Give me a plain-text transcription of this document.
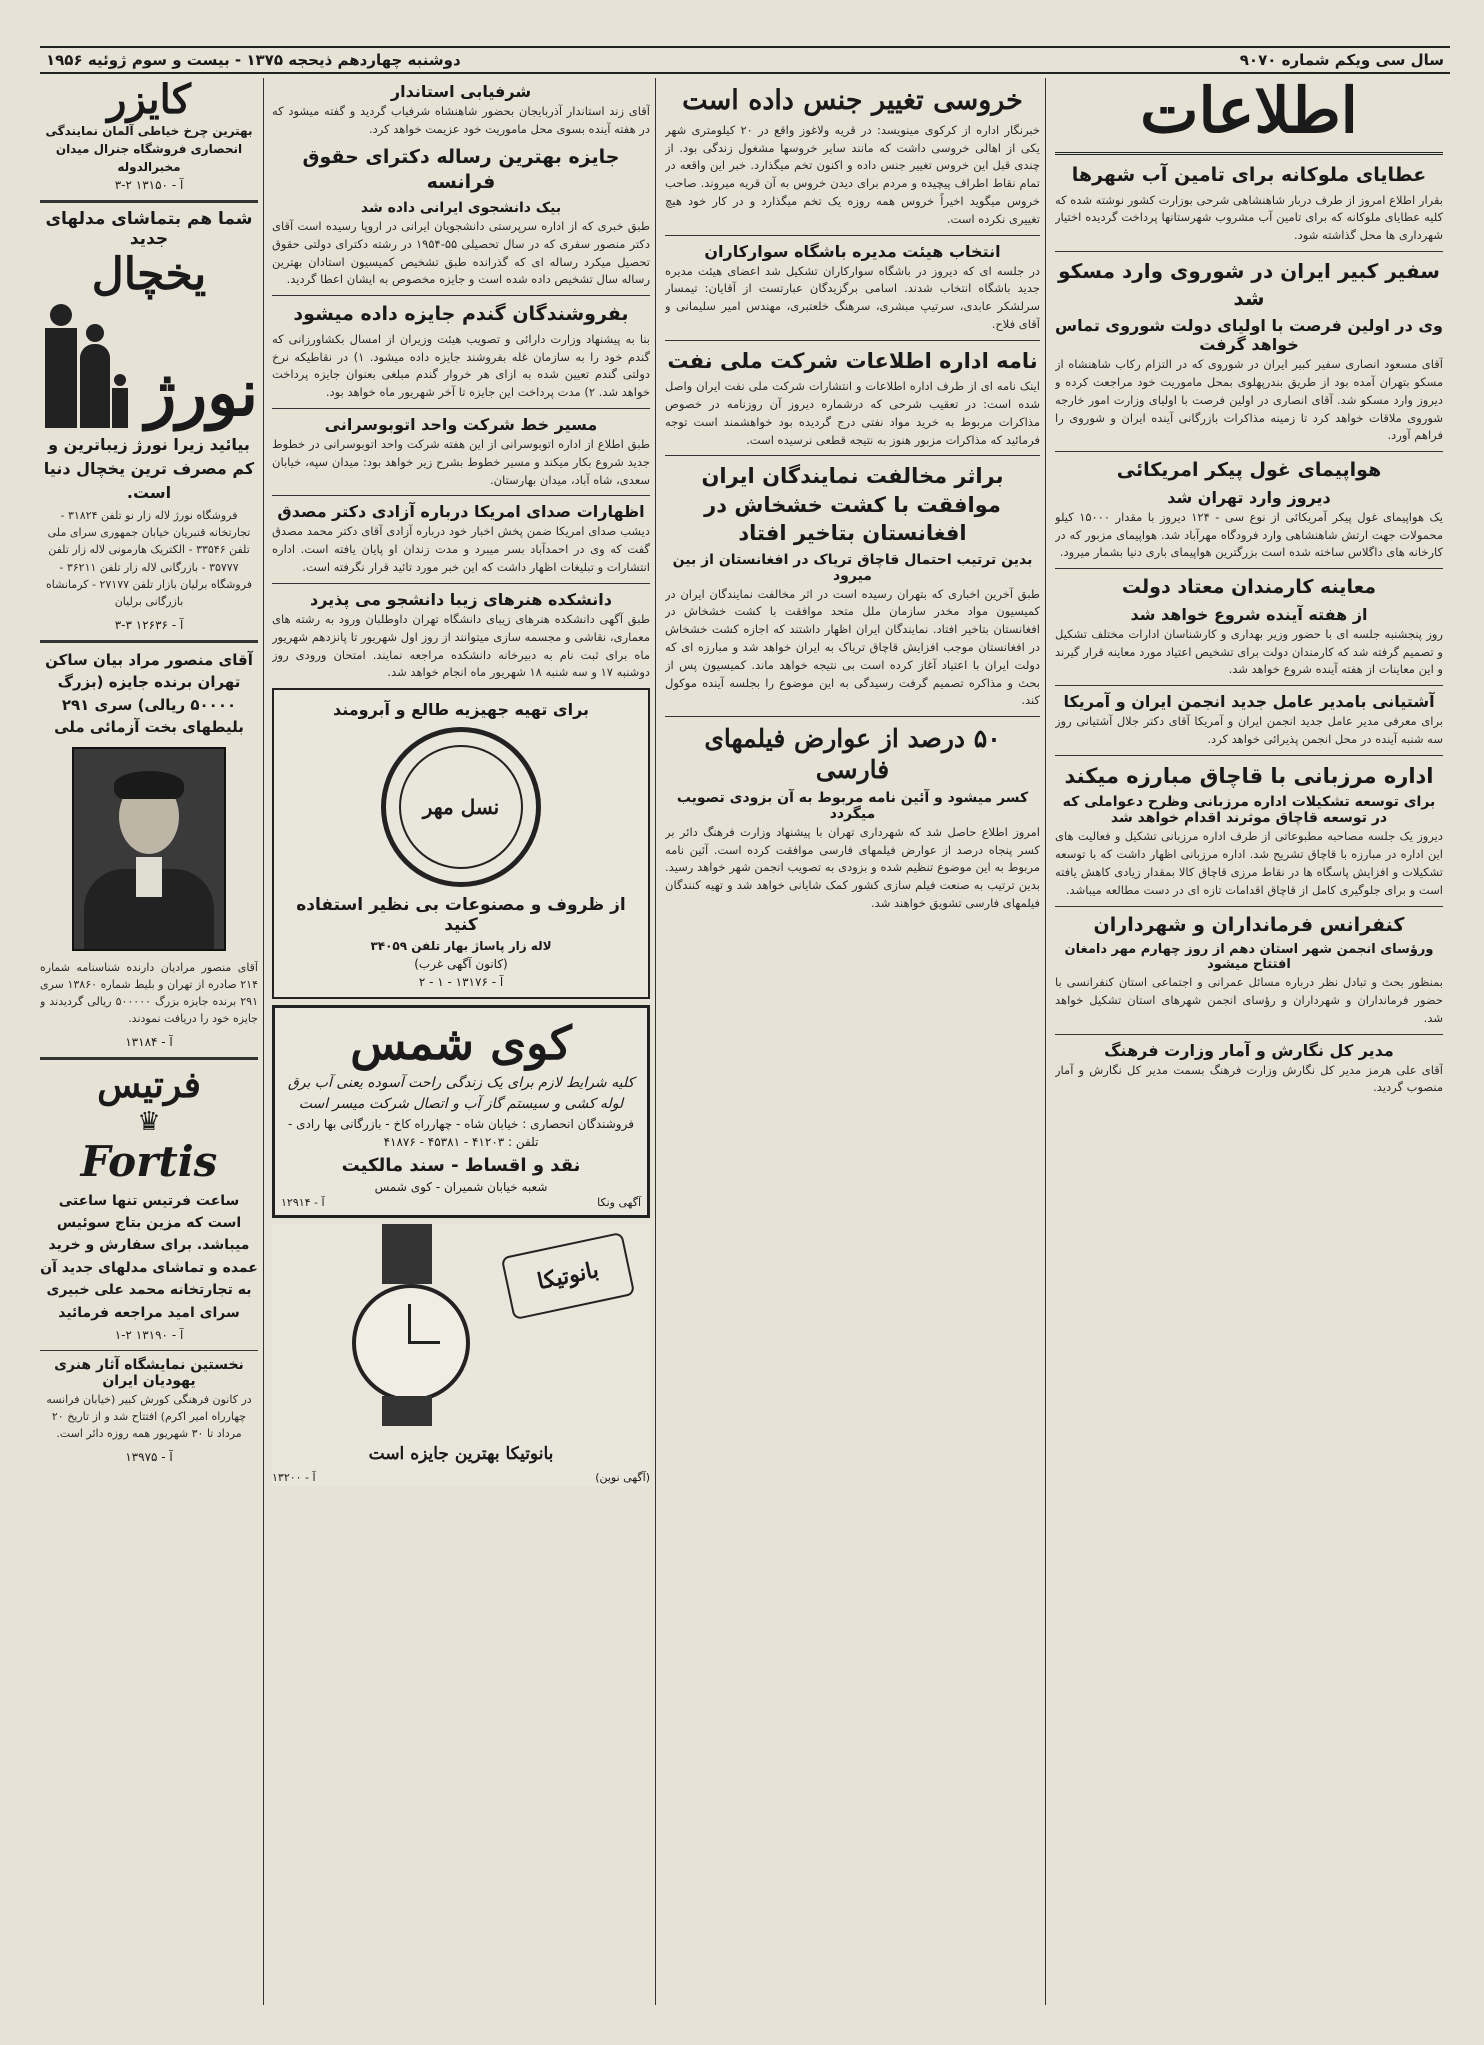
سال سی ویکم شماره ۹۰۷۰
دوشنبه چهاردهم ذیحجه ۱۳۷۵ - بیست و سوم ژوئیه ۱۹۵۶
اطلاعات
عطایای ملوکانه برای تامین آب شهرها
بقرار اطلاع امروز از طرف دربار شاهنشاهی شرحی بوزارت کشور نوشته شده که کلیه عطایای ملوکانه که برای تامین آب مشروب شهرستانها پرداخت گردیده اختیار شهرداری ها محل گذاشته شود.
سفیر کبیر ایران در شوروی وارد مسکو شد
وی در اولین فرصت با اولیای دولت شوروی تماس خواهد گرفت
آقای مسعود انصاری سفیر کبیر ایران در شوروی که در التزام رکاب شاهنشاه از مسکو بتهران آمده بود از طریق بندرپهلوی بمحل ماموریت خود مراجعت کرده و دیروز وارد مسکو شد. آقای انصاری در اولین فرصت با اولیای وزارت امور خارجه شوروی ملاقات خواهد کرد تا زمینه مذاکرات بازرگانی آینده ایران و شوروی را فراهم آورد.
هواپیمای غول پیکر امریکائی
دیروز وارد تهران شد
یک هواپیمای غول پیکر آمریکائی از نوع سی - ۱۲۴ دیروز با مقدار ۱۵۰۰۰ کیلو محمولات جهت ارتش شاهنشاهی وارد فرودگاه مهرآباد شد. هواپیمای مزبور که در کارخانه های داگلاس ساخته شده است بزرگترین هواپیمای باری دنیا بشمار میرود.
معاینه کارمندان معتاد دولت
از هفته آینده شروع خواهد شد
روز پنجشنبه جلسه ای با حضور وزیر بهداری و کارشناسان ادارات مختلف تشکیل و تصمیم گرفته شد که کارمندان دولت برای تشخیص اعتیاد مورد معاینه قرار گیرند و این معاینات از هفته آینده شروع خواهد شد.
آشتیانی بامدیر عامل جدید انجمن ایران و آمریکا
برای معرفی مدیر عامل جدید انجمن ایران و آمریکا آقای دکتر جلال آشتیانی روز سه شنبه آینده در محل انجمن پذیرائی خواهد کرد.
اداره مرزبانی با قاچاق مبارزه میکند
برای توسعه تشکیلات اداره مرزبانی وظرح دعواملی که در توسعه قاچاق موثرند اقدام خواهد شد
دیروز یک جلسه مصاحبه مطبوعاتی از طرف اداره مرزبانی تشکیل و فعالیت های این اداره در مبارزه با قاچاق تشریح شد. اداره مرزبانی اظهار داشت که با توسعه تشکیلات و افزایش پاسگاه ها در نقاط مرزی قاچاق کالا بمقدار زیادی کاهش یافته است و برای جلوگیری کامل از قاچاق اقدامات تازه ای در دست مطالعه میباشد.
کنفرانس فرمانداران و شهرداران
ورؤسای انجمن شهر استان دهم از روز چهارم مهر دامغان افتتاح میشود
بمنظور بحث و تبادل نظر درباره مسائل عمرانی و اجتماعی استان کنفرانسی با حضور فرمانداران و شهرداران و رؤسای انجمن شهرهای استان تشکیل خواهد شد.
مدیر کل نگارش و آمار وزارت فرهنگ
آقای علی هرمز مدیر کل نگارش وزارت فرهنگ بسمت مدیر کل نگارش و آمار منصوب گردید.
خروسی تغییر جنس داده است
خبرنگار اداره از کرکوی مینویسد: در قریه ولاغوز واقع در ۲۰ کیلومتری شهر یکی از اهالی خروسی داشت که مانند سایر خروسها مشغول زندگی بود. از چندی قبل این خروس تغییر جنس داده و اکنون تخم میگذارد. خبر این واقعه در تمام نقاط اطراف پیچیده و مردم برای دیدن خروس به آن قریه میروند. صاحب خروس میگوید اخیراً خروس همه روزه یک تخم میگذارد و در کار خود هیچ تغییری نکرده است.
انتخاب هیئت مدیره باشگاه سوارکاران
در جلسه ای که دیروز در باشگاه سوارکاران تشکیل شد اعضای هیئت مدیره جدید باشگاه انتخاب شدند. اسامی برگزیدگان عبارتست از آقایان: تیمسار سرلشکر عابدی، سرتیپ مبشری، سرهنگ خلعتبری، مهندس امیر سلیمانی و آقای فلاح.
نامه اداره اطلاعات شرکت ملی نفت
اینک نامه ای از طرف اداره اطلاعات و انتشارات شرکت ملی نفت ایران واصل شده است: در تعقیب شرحی که درشماره دیروز آن روزنامه در خصوص مذاکرات مربوط به خرید مواد نفتی درج گردیده بود خواهشمند است توجه فرمائید که مذاکرات مزبور هنوز به نتیجه قطعی نرسیده است.
براثر مخالفت نمایندگان ایران موافقت با کشت خشخاش در افغانستان بتاخیر افتاد
بدین ترتیب احتمال قاچاق تریاک در افغانستان از بین میرود
طبق آخرین اخباری که بتهران رسیده است در اثر مخالفت نمایندگان ایران در کمیسیون مواد مخدر سازمان ملل متحد موافقت با کشت خشخاش در افغانستان بتاخیر افتاد. نمایندگان ایران اظهار داشتند که اجازه کشت خشخاش در افغانستان موجب افزایش قاچاق تریاک به ایران خواهد شد و مبارزه ای که دولت ایران با اعتیاد آغاز کرده است بی نتیجه خواهد ماند. کمیسیون پس از بحث و مذاکره تصمیم گرفت رسیدگی به این موضوع را بجلسه آینده موکول کند.
۵۰ درصد از عوارض فیلمهای فارسی
کسر میشود و آئین نامه مربوط به آن بزودی تصویب میگردد
امروز اطلاع حاصل شد که شهرداری تهران با پیشنهاد وزارت فرهنگ دائر بر کسر پنجاه درصد از عوارض فیلمهای فارسی موافقت کرده است. آئین نامه مربوط به این موضوع تنظیم شده و بزودی به تصویب انجمن شهر خواهد رسید. بدین ترتیب به صنعت فیلم سازی کشور کمک شایانی خواهد شد و تهیه کنندگان فیلمهای فارسی تشویق خواهند شد.
شرفیابی استاندار
آقای زند استاندار آذربایجان بحضور شاهنشاه شرفیاب گردید و گفته میشود که در هفته آینده بسوی محل ماموریت خود عزیمت خواهد کرد.
جایزه بهترین رساله دکترای حقوق فرانسه
بیک دانشجوی ایرانی داده شد
طبق خبری که از اداره سرپرستی دانشجویان ایرانی در اروپا رسیده است آقای دکتر منصور سفری که در سال تحصیلی ۵۵-۱۹۵۴ در رشته دکترای دولتی حقوق تحصیل میکرد رساله ای که گذرانده طبق تشخیص کمیسیون استادان بهترین رساله سال تشخیص داده شده است و جایزه مخصوص به ایشان اعطا گردید.
بفروشندگان گندم جایزه داده میشود
بنا به پیشنهاد وزارت دارائی و تصویب هیئت وزیران از امسال بکشاورزانی که گندم خود را به سازمان غله بفروشند جایزه داده میشود. ۱) در نقاطیکه نرخ دولتی گندم تعیین شده به ازای هر خروار گندم مبلغی بعنوان جایزه پرداخت خواهد شد. ۲) مدت پرداخت این جایزه تا آخر شهریور ماه خواهد بود.
مسیر خط شرکت واحد اتوبوسرانی
طبق اطلاع از اداره اتوبوسرانی از این هفته شرکت واحد اتوبوسرانی در خطوط جدید شروع بکار میکند و مسیر خطوط بشرح زیر خواهد بود: میدان سپه، خیابان سعدی، شاه آباد، میدان بهارستان.
اظهارات صدای امریکا درباره آزادی دکتر مصدق
دیشب صدای امریکا ضمن پخش اخبار خود درباره آزادی آقای دکتر محمد مصدق گفت که وی در احمدآباد بسر میبرد و مدت زندان او پایان یافته است. اداره انتشارات و تبلیغات اظهار داشت که این خبر مورد تائید قرار نگرفته است.
دانشکده هنرهای زیبا دانشجو می پذیرد
طبق آگهی دانشکده هنرهای زیبای دانشگاه تهران داوطلبان ورود به رشته های معماری، نقاشی و مجسمه سازی میتوانند از روز اول شهریور تا پانزدهم شهریور ماه برای ثبت نام به دبیرخانه دانشکده مراجعه نمایند. امتحان ورودی روز دوشنبه ۱۷ و سه شنبه ۱۸ شهریور ماه انجام خواهد شد.
برای تهیه جهیزیه طالع و آبرومند
نسل مهر
از ظروف و مصنوعات بی نظیر استفاده کنید
لاله زار پاساژ بهار تلفن ۳۴۰۵۹
(کانون آگهی غرب)
آ - ۱۳۱۷۶ - ۱ - ۲
کوی شمس
کلیه شرایط لازم برای یک زندگی راحت آسوده یعنی آب برق لوله کشی و سیستم گاز آب و اتصال شرکت میسر است
فروشندگان انحصاری : خیابان شاه - چهارراه کاخ - بازرگانی بها رادی - تلفن : ۴۱۲۰۳ - ۴۵۳۸۱ - ۴۱۸۷۶
نقد و اقساط - سند مالکیت
شعبه خیابان شمیران - کوی شمس
آگهی ونکا
آ - ۱۲۹۱۴
بانوتیکا
بانوتیکا بهترین جایزه است
(آگهی نوین)
آ - ۱۳۲۰۰
کایزر
بهترین چرخ خیاطی آلمان نمایندگی انحصاری فروشگاه جنرال میدان مخبرالدوله
آ - ۱۳۱۵۰ ۲-۳
شما هم بتماشای مدلهای جدید
یخچال
نورژ
بیائید زیرا نورژ زیباترین و کم مصرف ترین یخچال دنیا است.
فروشگاه نورژ لاله زار نو تلفن ۳۱۸۲۴ - تجارتخانه قنبریان خیابان جمهوری سرای ملی تلفن ۳۳۵۴۶ - الکتریک هارمونی لاله زار تلفن ۳۵۷۷۷ - بازرگانی لاله زار تلفن ۳۶۲۱۱ - فروشگاه برلیان بازار تلفن ۲۷۱۷۷ - کرمانشاه بازرگانی برلیان
آ - ۱۲۶۳۶ ۳-۳
آقای منصور مراد بیان ساکن تهران برنده جایزه (بزرگ ۵۰۰۰۰ ریالی) سری ۲۹۱ بلیطهای بخت آزمائی ملی
آقای منصور مرادیان دارنده شناسنامه شماره ۲۱۴ صادره از تهران و بلیط شماره ۱۳۸۶۰ سری ۲۹۱ برنده جایزه بزرگ ۵۰۰۰۰۰ ریالی گردیدند و جایزه خود را دریافت نمودند.
آ - ۱۳۱۸۴
فرتیس
♛
Fortis
ساعت فرتیس تنها ساعتی است که مزین بتاج سوئیس میباشد. برای سفارش و خرید عمده و تماشای مدلهای جدید آن به تجارتخانه محمد علی خبیری سرای امید مراجعه فرمائید
آ - ۱۳۱۹۰ ۲-۱
نخستین نمایشگاه آثار هنری یهودیان ایران
در کانون فرهنگی کورش کبیر (خیابان فرانسه چهارراه امیر اکرم) افتتاح شد و از تاریخ ۲۰ مرداد تا ۳۰ شهریور همه روزه دائر است.
آ - ۱۳۹۷۵
